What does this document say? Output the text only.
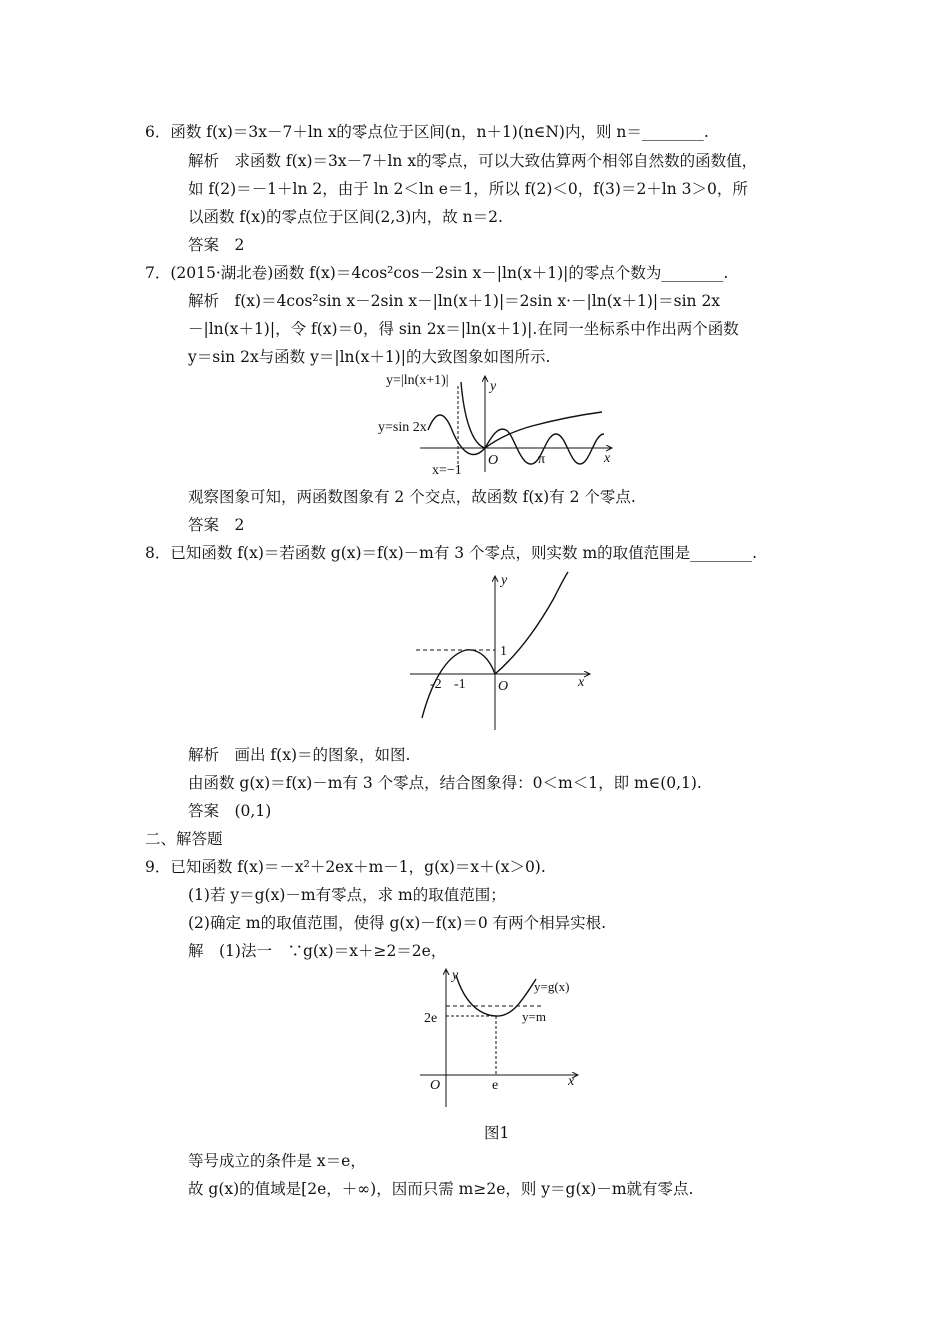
6．函数 f(x)＝3x－7＋ln x的零点位于区间(n，n＋1)(n∈N)内，则 n＝________.
解析　求函数 f(x)＝3x－7＋ln x的零点，可以大致估算两个相邻自然数的函数值，
如 f(2)＝－1＋ln 2，由于 ln 2＜ln e＝1，所以 f(2)＜0，f(3)＝2＋ln 3＞0，所
以函数 f(x)的零点位于区间(2,3)内，故 n＝2.
答案　2
7．(2015·湖北卷)函数 f(x)＝4cos²cos－2sin x－|ln(x＋1)|的零点个数为________.
解析　f(x)＝4cos²sin x－2sin x－|ln(x＋1)|＝2sin x·－|ln(x＋1)|＝sin 2x
－|ln(x＋1)|，令 f(x)＝0，得 sin 2x＝|ln(x＋1)|.在同一坐标系中作出两个函数
y＝sin 2x与函数 y＝|ln(x＋1)|的大致图象如图所示.
y=|ln(x+1)|
y=sin 2x
x=−1
y
x
O	π
观察图象可知，两函数图象有 2 个交点，故函数 f(x)有 2 个零点.
答案　2
8．已知函数 f(x)＝若函数 g(x)＝f(x)－m有 3 个零点，则实数 m的取值范围是________.
y
x
O
1
-2 -1
解析　画出 f(x)＝的图象，如图.
由函数 g(x)＝f(x)－m有 3 个零点，结合图象得：0＜m＜1，即 m∈(0,1).
答案　(0,1)
二、解答题
9．已知函数 f(x)＝－x²＋2ex＋m－1，g(x)＝x＋(x＞0).
(1)若 y＝g(x)－m有零点，求 m的取值范围；
(2)确定 m的取值范围，使得 g(x)－f(x)＝0 有两个相异实根.
解　(1)法一　∵g(x)＝x＋≥2＝2e，
y
x
O
y=g(x)
y=m
2e
e
图1
等号成立的条件是 x＝e，
故 g(x)的值域是[2e，＋∞)，因而只需 m≥2e，则 y＝g(x)－m就有零点.
